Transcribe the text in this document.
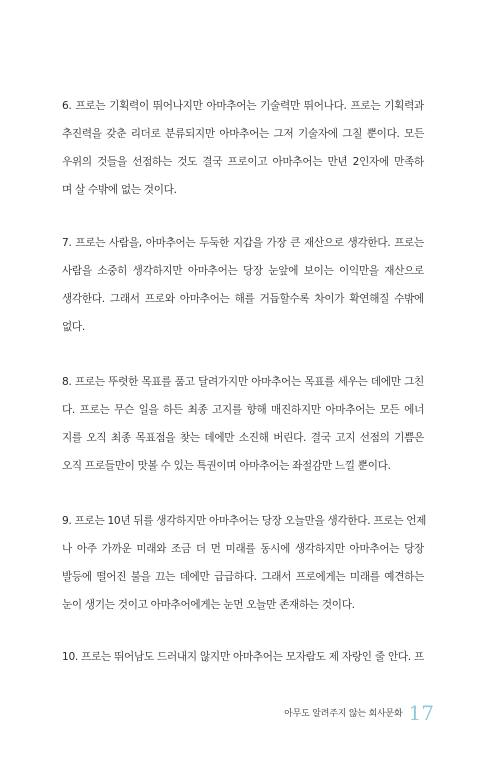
6. 프로는 기획력이 뛰어나지만 아마추어는 기술력만 뛰어나다. 프로는 기획력과
추진력을 갖춘 리더로 분류되지만 아마추어는 그저 기술자에 그칠 뿐이다. 모든
우위의 것들을 선점하는 것도 결국 프로이고 아마추어는 만년 2인자에 만족하
며 살 수밖에 없는 것이다.
7. 프로는 사람을, 아마추어는 두둑한 지갑을 가장 큰 재산으로 생각한다. 프로는
사람을 소중히 생각하지만 아마추어는 당장 눈앞에 보이는 이익만을 재산으로
생각한다. 그래서 프로와 아마추어는 해를 거듭할수록 차이가 확연해질 수밖에
없다.
8. 프로는 뚜렷한 목표를 품고 달려가지만 아마추어는 목표를 세우는 데에만 그친
다. 프로는 무슨 일을 하든 최종 고지를 향해 매진하지만 아마추어는 모든 에너
지를 오직 최종 목표점을 찾는 데에만 소진해 버린다. 결국 고지 선점의 기쁨은
오직 프로들만이 맛볼 수 있는 특권이며 아마추어는 좌절감만 느낄 뿐이다.
9. 프로는 10년 뒤를 생각하지만 아마추어는 당장 오늘만을 생각한다. 프로는 언제
나 아주 가까운 미래와 조금 더 먼 미래를 동시에 생각하지만 아마추어는 당장
발등에 떨어진 불을 끄는 데에만 급급하다. 그래서 프로에게는 미래를 예견하는
눈이 생기는 것이고 아마추어에게는 눈먼 오늘만 존재하는 것이다.
10. 프로는 뛰어남도 드러내지 않지만 아마추어는 모자람도 제 자랑인 줄 안다. 프
아무도 알려주지 않는 회사문화 17
